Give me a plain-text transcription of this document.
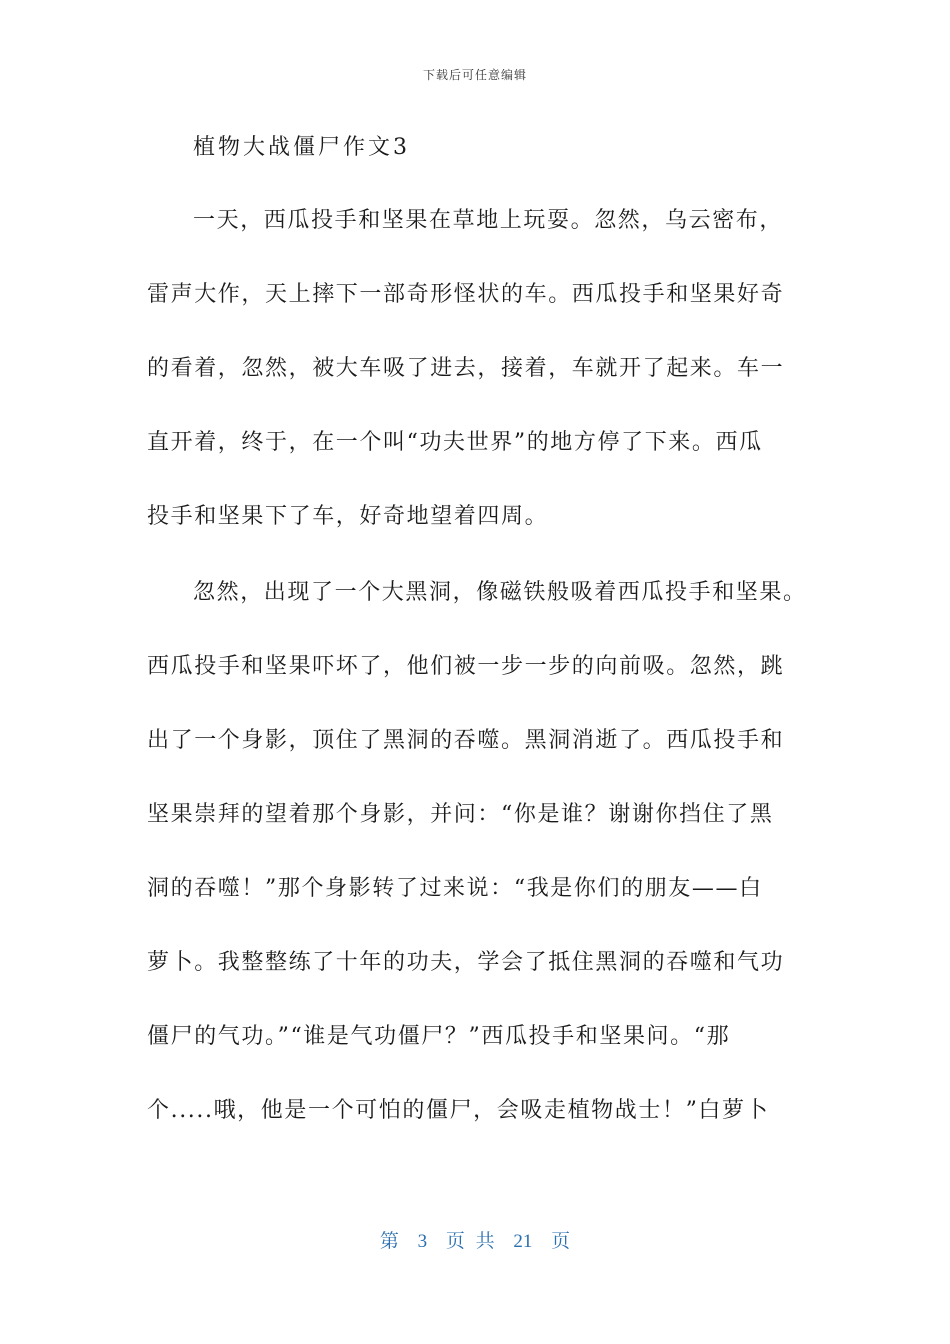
下载后可任意编辑
植物大战僵尸作文3
一天，西瓜投手和坚果在草地上玩耍。忽然，乌云密布，
雷声大作，天上摔下一部奇形怪状的车。西瓜投手和坚果好奇
的看着，忽然，被大车吸了进去，接着，车就开了起来。车一
直开着，终于，在一个叫“功夫世界”的地方停了下来。西瓜
投手和坚果下了车，好奇地望着四周。
忽然，出现了一个大黑洞，像磁铁般吸着西瓜投手和坚果。
西瓜投手和坚果吓坏了，他们被一步一步的向前吸。忽然，跳
出了一个身影，顶住了黑洞的吞噬。黑洞消逝了。西瓜投手和
坚果崇拜的望着那个身影，并问：“你是谁？谢谢你挡住了黑
洞的吞噬！”那个身影转了过来说：“我是你们的朋友——白
萝卜。我整整练了十年的功夫，学会了抵住黑洞的吞噬和气功
僵尸的气功。”“谁是气功僵尸？”西瓜投手和坚果问。“那
个.....哦，他是一个可怕的僵尸，会吸走植物战士！”白萝卜
第 3 页 共 21 页
